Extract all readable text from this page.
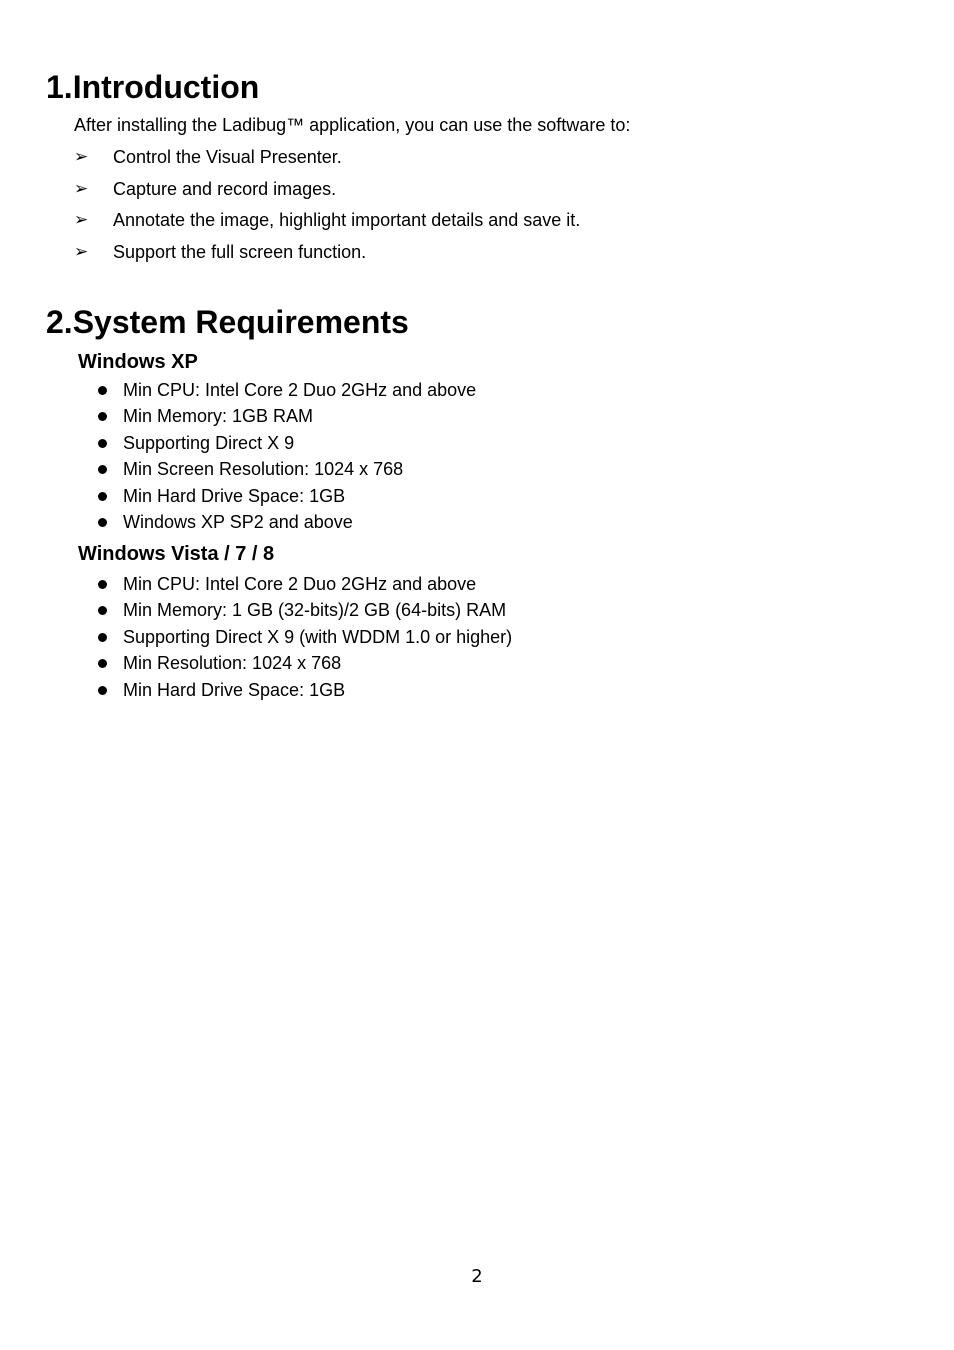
1.Introduction

After installing the Ladibug™ application, you can use the software to:

➢ Control the Visual Presenter.
➢ Capture and record images.
➢ Annotate the image, highlight important details and save it.
➢ Support the full screen function.
2.System Requirements
Windows XP
Min CPU: Intel Core 2 Duo 2GHz and above
Min Memory: 1GB RAM
Supporting Direct X 9
Min Screen Resolution: 1024 x 768
Min Hard Drive Space: 1GB
Windows XP SP2 and above
Windows Vista / 7 / 8
Min CPU: Intel Core 2 Duo 2GHz and above
Min Memory: 1 GB (32-bits)/2 GB (64-bits) RAM
Supporting Direct X 9 (with WDDM 1.0 or higher)
Min Resolution: 1024 x 768
Min Hard Drive Space: 1GB
2
